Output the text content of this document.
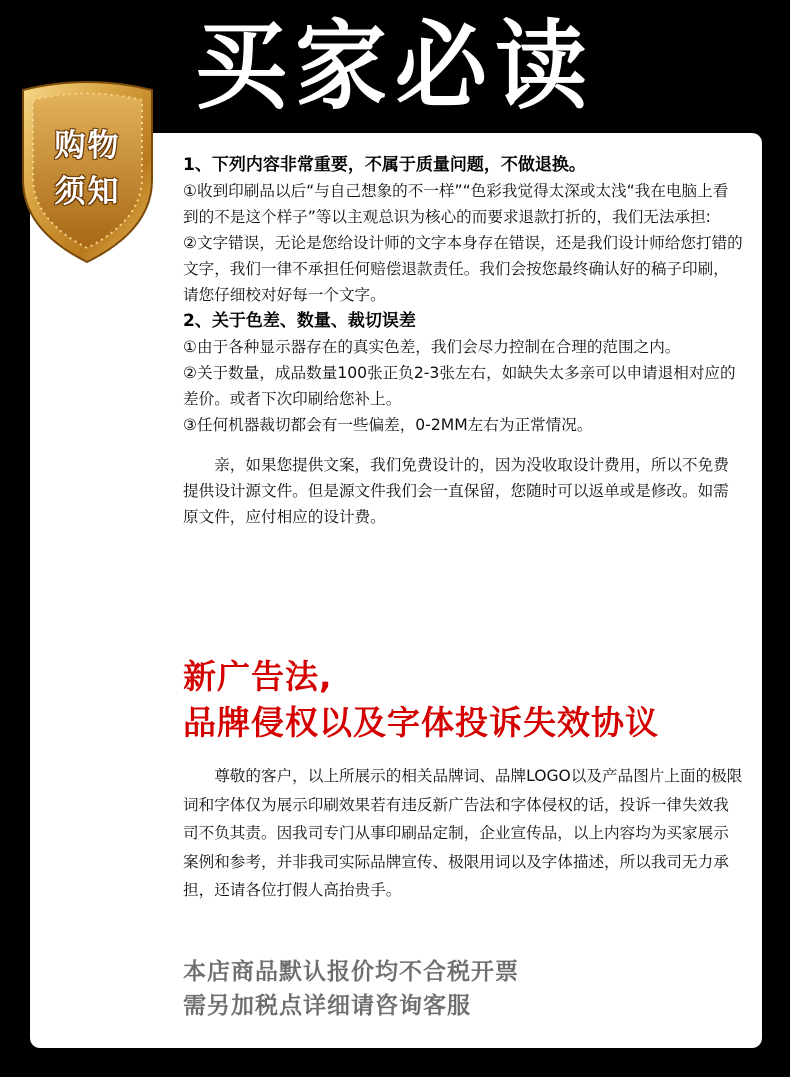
买家必读
购物
须知
1、下列内容非常重要，不属于质量问题，不做退换。

①收到印刷品以后“与自己想象的不一样”“色彩我觉得太深或太浅“我在电脑上看到的不是这个样子”等以主观总识为核心的而要求退款打折的，我们无法承担:

②文字错误，无论是您给设计师的文字本身存在错误，还是我们设计师给您打错的文字，我们一律不承担任何赔偿退款责任。我们会按您最终确认好的稿子印刷，请您仔细校对好每一个文字。

2、关于色差、数量、裁切误差

①由于各种显示器存在的真实色差，我们会尽力控制在合理的范围之内。

②关于数量，成品数量100张正负2-3张左右，如缺失太多亲可以申请退相对应的差价。或者下次印刷给您补上。

③任何机器裁切都会有一些偏差，0-2MM左右为正常情况。

亲，如果您提供文案，我们免费设计的，因为没收取设计费用，所以不免费提供设计源文件。但是源文件我们会一直保留，您随时可以返单或是修改。如需原文件，应付相应的设计费。

新广告法,
品牌侵权以及字体投诉失效协议

尊敬的客户，以上所展示的相关品牌词、品牌LOGO以及产品图片上面的极限词和字体仅为展示印刷效果若有违反新广告法和字体侵权的话，投诉一律失效我司不负其责。因我司专门从事印刷品定制，企业宣传品，以上内容均为买家展示案例和参考，并非我司实际品牌宣传、极限用词以及字体描述，所以我司无力承担，还请各位打假人高抬贵手。

本店商品默认报价均不合税开票
需另加税点详细请咨询客服
